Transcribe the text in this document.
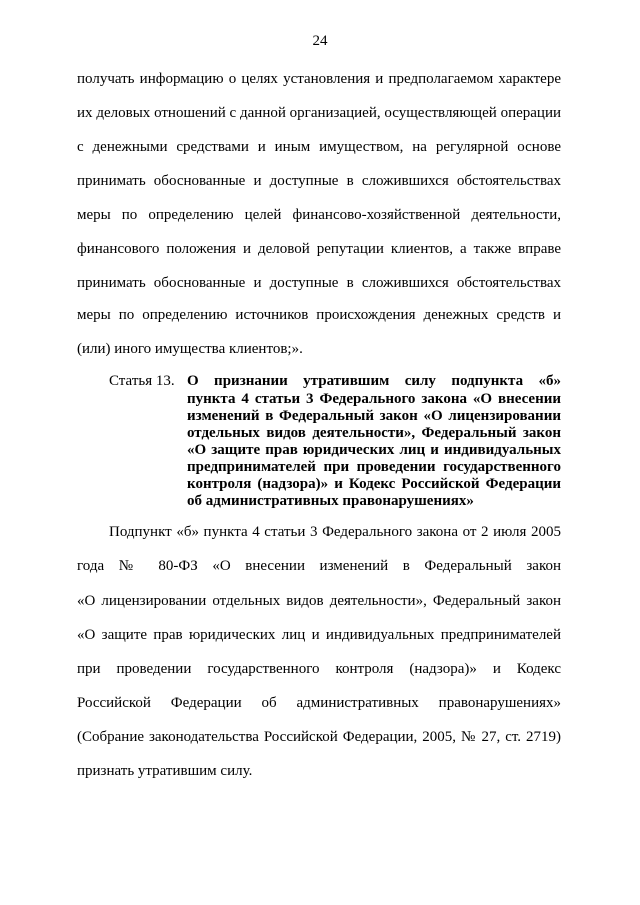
24
получать информацию о целях установления и предполагаемом характере
их деловых отношений с данной организацией, осуществляющей операции
с денежными средствами и иным имуществом, на регулярной основе
принимать обоснованные и доступные в сложившихся обстоятельствах
меры по определению целей финансово-хозяйственной деятельности,
финансового положения и деловой репутации клиентов, а также вправе
принимать обоснованные и доступные в сложившихся обстоятельствах
меры по определению источников происхождения денежных средств и
(или) иного имущества клиентов;».
Статья 13. О признании утратившим силу подпункта «б»
пункта 4 статьи 3 Федерального закона «О внесении
изменений в Федеральный закон «О лицензировании
отдельных видов деятельности», Федеральный закон
«О защите прав юридических лиц и индивидуальных
предпринимателей при проведении государственного
контроля (надзора)» и Кодекс Российской Федерации
об административных правонарушениях»
Подпункт «б» пункта 4 статьи 3 Федерального закона от 2 июля 2005
года № 80-ФЗ «О внесении изменений в Федеральный закон
«О лицензировании отдельных видов деятельности», Федеральный закон
«О защите прав юридических лиц и индивидуальных предпринимателей
при проведении государственного контроля (надзора)» и Кодекс
Российской Федерации об административных правонарушениях»
(Собрание законодательства Российской Федерации, 2005, № 27, ст. 2719)
признать утратившим силу.
